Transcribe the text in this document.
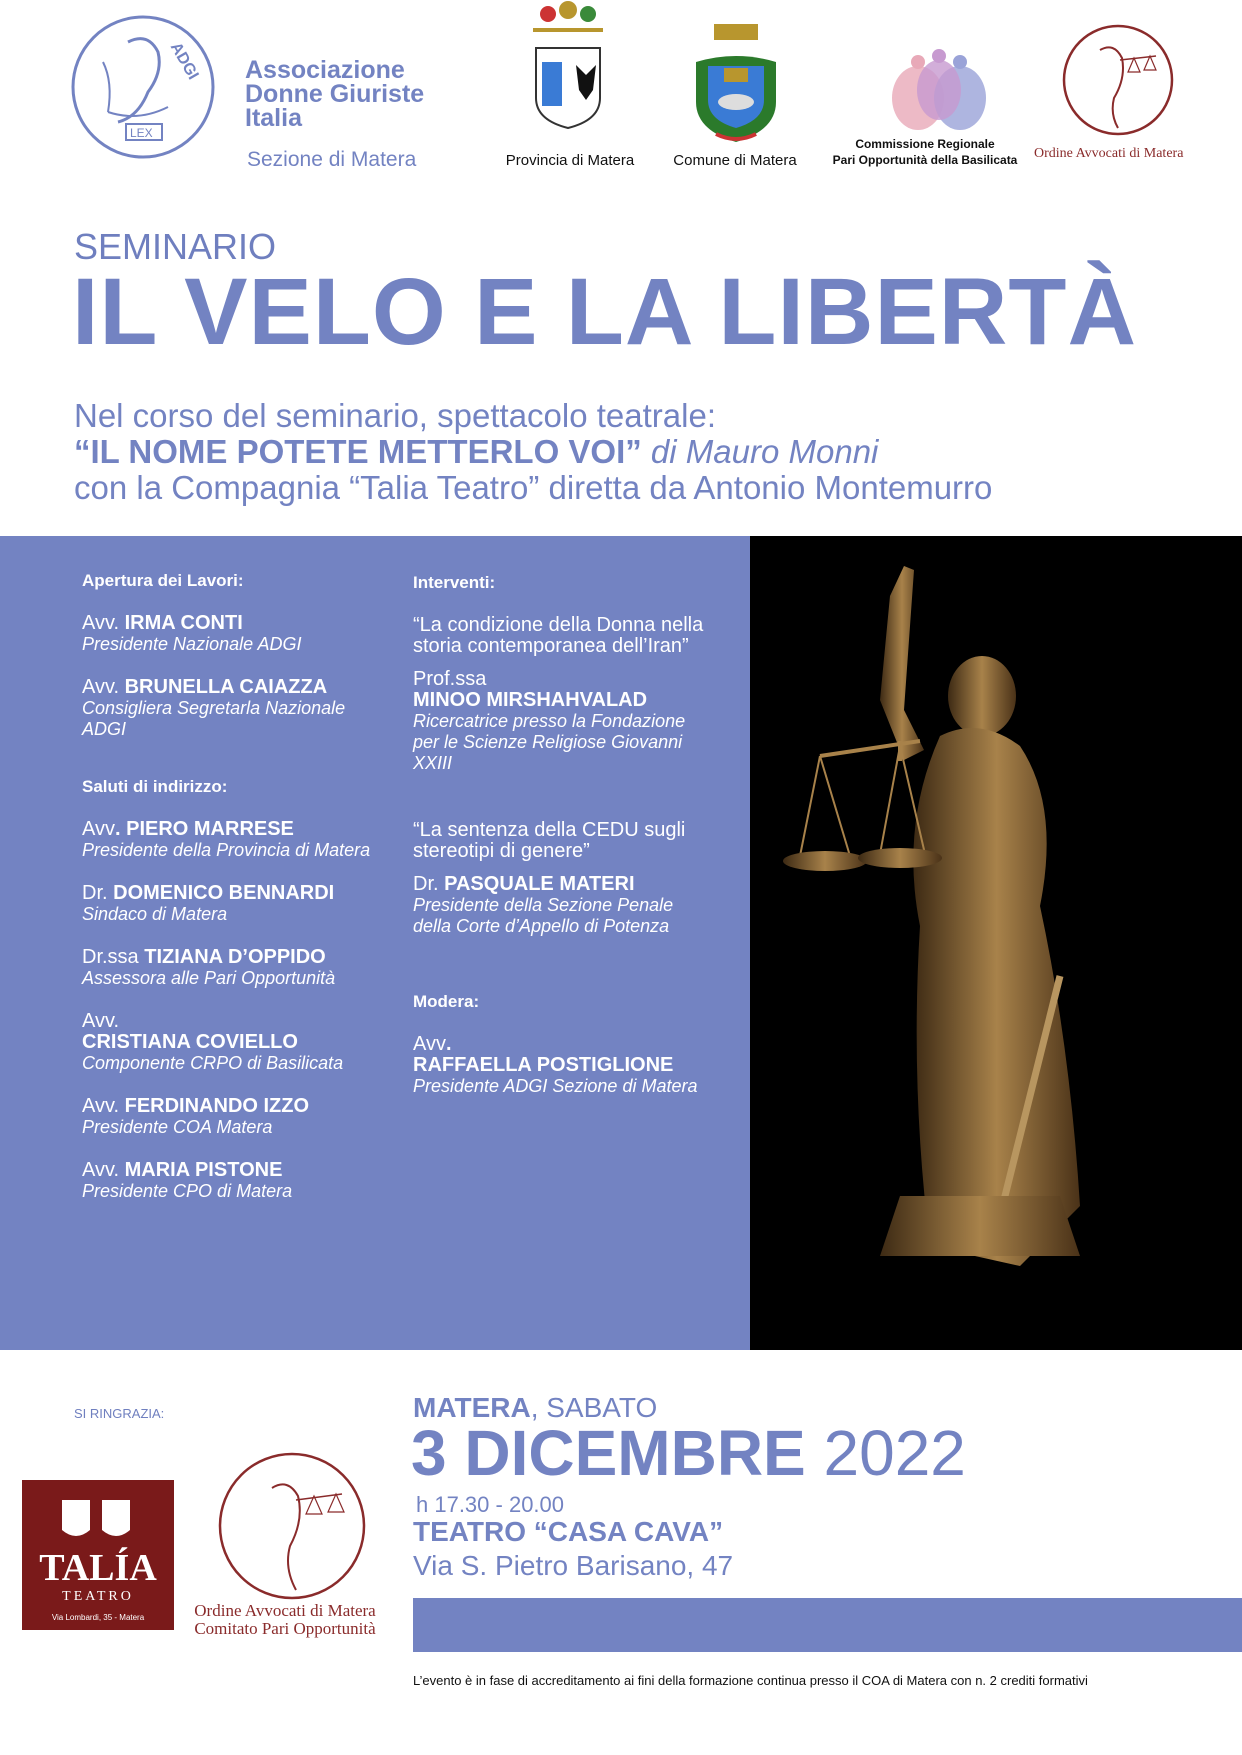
ADGI
LEX
Associazione
Donne Giuriste
Italia
Sezione di Matera	Provincia di Matera	Comune di Matera
Commissione Regionale
Pari Opportunità della Basilicata Ordine Avvocati di Matera
SEMINARIO
IL VELO E LA LIBERTÀ
Nel corso del seminario, spettacolo teatrale:
“IL NOME POTETE METTERLO VOI” di Mauro Monni
con la Compagnia “Talia Teatro” diretta da Antonio Montemurro
Apertura dei Lavori:
Avv. IRMA CONTI
Presidente Nazionale ADGI
Avv. BRUNELLA CAIAZZA
Consigliera Segretarla Nazionale ADGI
Saluti di indirizzo:
Avv. PIERO MARRESE
Presidente della Provincia di Matera
Dr. DOMENICO BENNARDI
Sindaco di Matera
Dr.ssa TIZIANA D’OPPIDO
Assessora alle Pari Opportunità
Avv.
CRISTIANA COVIELLO
Componente CRPO di Basilicata
Avv. FERDINANDO IZZO
Presidente COA Matera
Avv. MARIA PISTONE
Presidente CPO di Matera
Interventi:
“La condizione della Donna nella storia contemporanea dell’Iran”
Prof.ssa
MINOO MIRSHAHVALAD
Ricercatrice presso la Fondazione per le Scienze Religiose Giovanni XXIII
“La sentenza della CEDU sugli stereotipi di genere”
Dr. PASQUALE MATERI
Presidente della Sezione Penale della Corte d’Appello di Potenza
Modera:
Avv.
RAFFAELLA POSTIGLIONE
Presidente ADGI Sezione di Matera
SI RINGRAZIA:
TALÍA
TEATRO
Via Lombardi, 35 - Matera	Ordine Avvocati di Matera
Comitato Pari Opportunità
MATERA, SABATO
3 DICEMBRE 2022
h 17.30 - 20.00
TEATRO “CASA CAVA”
Via S. Pietro Barisano, 47
L’evento è in fase di accreditamento ai fini della formazione continua presso il COA di Matera con n. 2 crediti formativi
